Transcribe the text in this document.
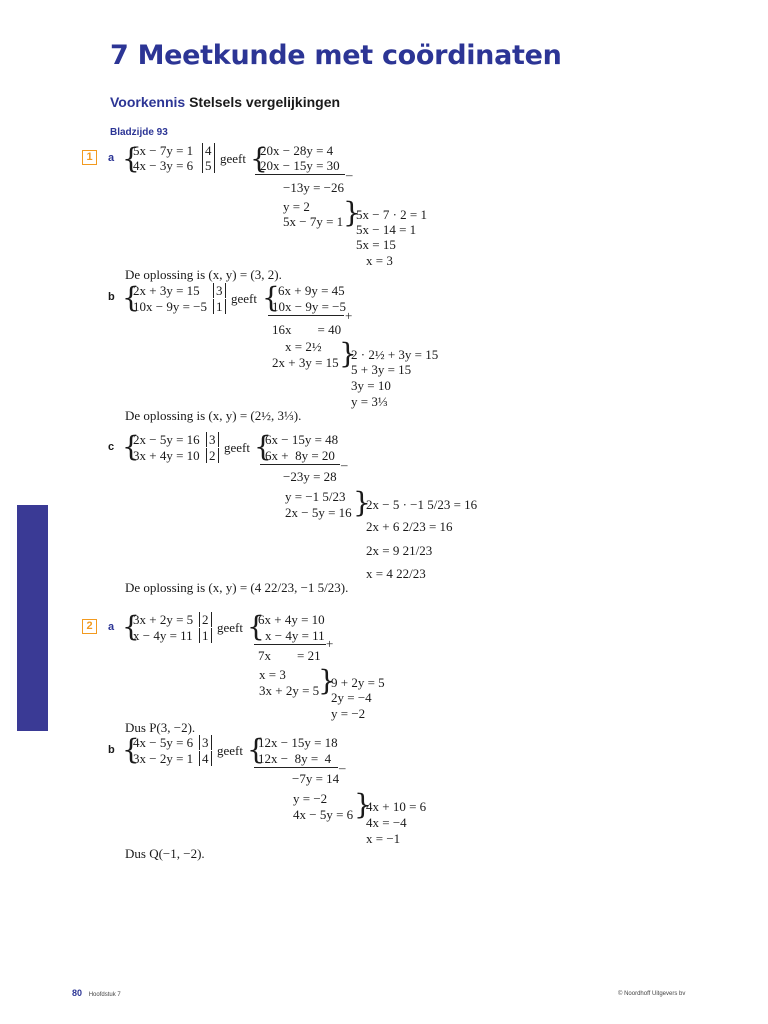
7 Meetkunde met coördinaten
Voorkennis Stelsels vergelijkingen
Bladzijde 93
1	a {
5x − 7y = 1
4x − 3y = 6
4
5 geeft {
20x − 28y = 4
20x − 15y = 30
–
−13y = −26
y = 2
5x − 7y = 1 }
5x − 7 · 2 = 1
5x − 14 = 1
5x = 15
x = 3
De oplossing is (x, y) = (3, 2).
b {
2x + 3y = 15
10x − 9y = −5
3
1
geeft {
6x + 9y = 45
10x − 9y = −5
+
16x        = 40
x = 2½
2x + 3y = 15 }
2 · 2½ + 3y = 15
5 + 3y = 15
3y = 10
y = 3⅓
De oplossing is (x, y) = (2½, 3⅓).
c {
2x − 5y = 16
3x + 4y = 10
3
2
geeft {
6x − 15y = 48
6x +  8y = 20
–
−23y = 28
y = −1 5/23
2x − 5y = 16 }
2x − 5 · −1 5/23 = 16
2x + 6 2/23 = 16
2x = 9 21/23
x = 4 22/23
De oplossing is (x, y) = (4 22/23, −1 5/23).
2	a {
3x + 2y = 5
x − 4y = 11
2
1
geeft {
6x + 4y = 10
x − 4y = 11
+
7x        = 21
x = 3
3x + 2y = 5
}
9 + 2y = 5
2y = −4
y = −2
Dus P(3, −2).
b {
4x − 5y = 6
3x − 2y = 1
3
4
geeft {
12x − 15y = 18
12x −  8y =  4
–
−7y = 14
y = −2
4x − 5y = 6 }
4x + 10 = 6
4x = −4
x = −1
Dus Q(−1, −2).
80 Hoofdstuk 7	© Noordhoff Uitgevers bv
